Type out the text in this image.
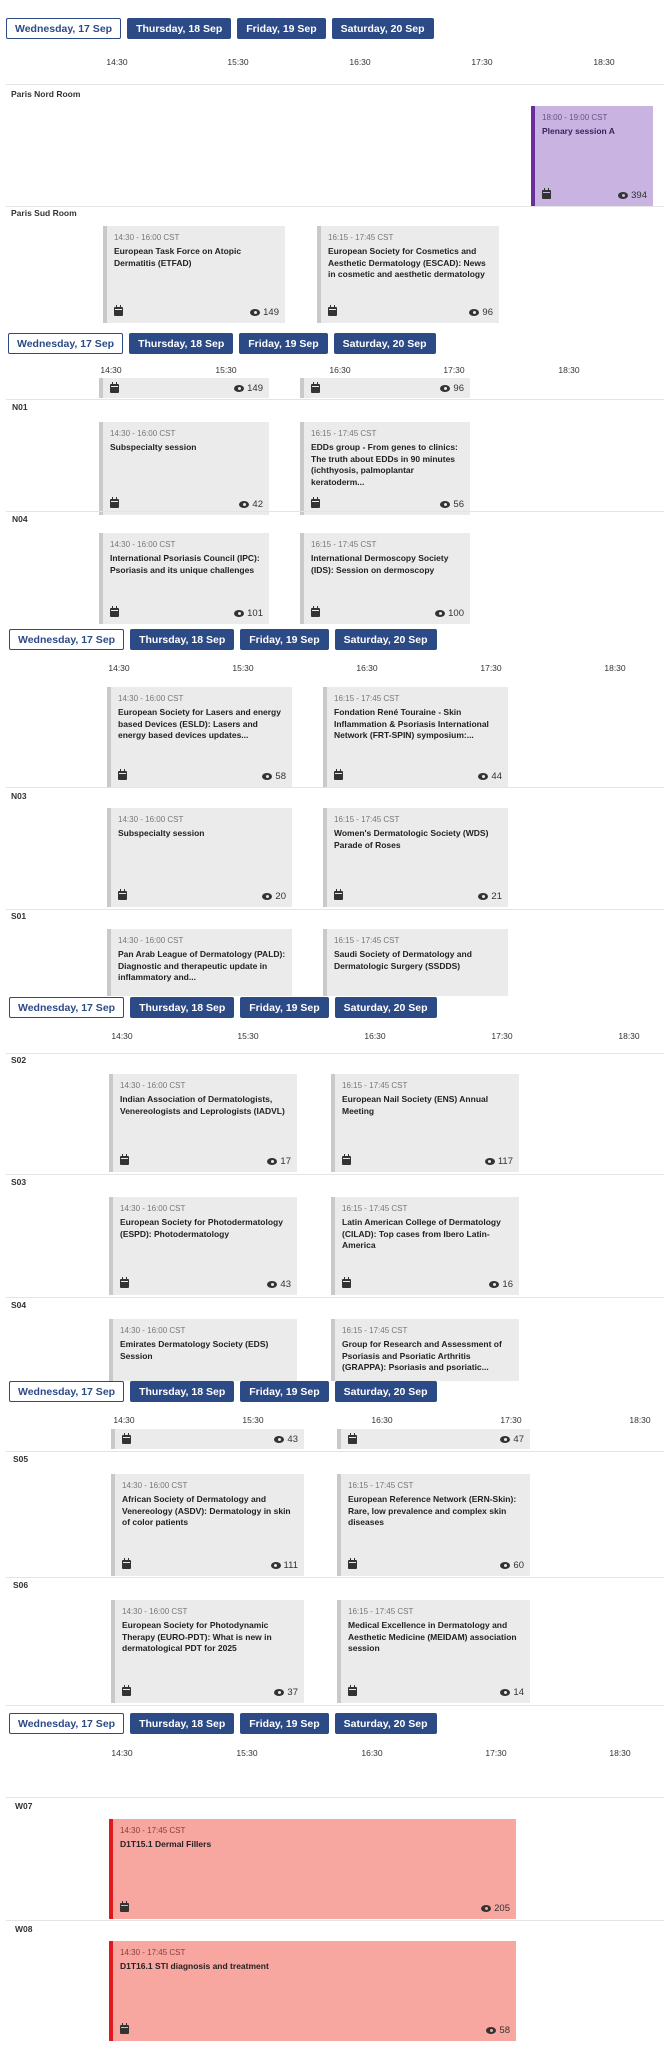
Wednesday, 17 Sep	Thursday, 18 Sep	Friday, 19 Sep	Saturday, 20 Sep
14:30	15:30	16:30	17:30	18:30
Paris Nord Room
18:00 - 19:00 CST
Plenary session A
394
Paris Sud Room
14:30 - 16:00 CST
European Task Force on Atopic Dermatitis (ETFAD)
149
16:15 - 17:45 CST
European Society for Cosmetics and Aesthetic Dermatology (ESCAD): News in cosmetic and aesthetic dermatology
96
Wednesday, 17 Sep	Thursday, 18 Sep	Friday, 19 Sep	Saturday, 20 Sep
14:30	15:30	16:30	17:30	18:30
149	96
N01
14:30 - 16:00 CST
Subspecialty session
42
16:15 - 17:45 CST
EDDs group - From genes to clinics: The truth about EDDs in 90 minutes (ichthyosis, palmoplantar keratoderm...
56
N04
14:30 - 16:00 CST
International Psoriasis Council (IPC): Psoriasis and its unique challenges
101
16:15 - 17:45 CST
International Dermoscopy Society (IDS): Session on dermoscopy
100
Wednesday, 17 Sep	Thursday, 18 Sep	Friday, 19 Sep	Saturday, 20 Sep
14:30	15:30	16:30	17:30	18:30
14:30 - 16:00 CST
European Society for Lasers and energy based Devices (ESLD): Lasers and energy based devices updates...
58
16:15 - 17:45 CST
Fondation René Touraine - Skin Inflammation & Psoriasis International Network (FRT-SPIN) symposium:...
44
N03
14:30 - 16:00 CST
Subspecialty session
20
16:15 - 17:45 CST
Women's Dermatologic Society (WDS) Parade of Roses
21
S01
14:30 - 16:00 CST
Pan Arab League of Dermatology (PALD): Diagnostic and therapeutic update in inflammatory and...
16:15 - 17:45 CST
Saudi Society of Dermatology and Dermatologic Surgery (SSDDS)
Wednesday, 17 Sep	Thursday, 18 Sep	Friday, 19 Sep	Saturday, 20 Sep
14:30	15:30	16:30	17:30	18:30
S02
14:30 - 16:00 CST
Indian Association of Dermatologists, Venereologists and Leprologists (IADVL)
17
16:15 - 17:45 CST
European Nail Society (ENS) Annual Meeting
117
S03
14:30 - 16:00 CST
European Society for Photodermatology (ESPD): Photodermatology
43
16:15 - 17:45 CST
Latin American College of Dermatology (CILAD): Top cases from Ibero Latin-America
16
S04
14:30 - 16:00 CST
Emirates Dermatology Society (EDS) Session
16:15 - 17:45 CST
Group for Research and Assessment of Psoriasis and Psoriatic Arthritis (GRAPPA): Psoriasis and psoriatic...
Wednesday, 17 Sep	Thursday, 18 Sep	Friday, 19 Sep	Saturday, 20 Sep
14:30	15:30	16:30	17:30	18:30
43	47
S05
14:30 - 16:00 CST
African Society of Dermatology and Venereology (ASDV): Dermatology in skin of color patients
111
16:15 - 17:45 CST
European Reference Network (ERN-Skin): Rare, low prevalence and complex skin diseases
60
S06
14:30 - 16:00 CST
European Society for Photodynamic Therapy (EURO-PDT): What is new in dermatological PDT for 2025
37
16:15 - 17:45 CST
Medical Excellence in Dermatology and Aesthetic Medicine (MEIDAM) association session
14
Wednesday, 17 Sep	Thursday, 18 Sep	Friday, 19 Sep	Saturday, 20 Sep
14:30	15:30	16:30	17:30	18:30
W07
14:30 - 17:45 CST
D1T15.1 Dermal Fillers
205
W08
14:30 - 17:45 CST
D1T16.1 STI diagnosis and treatment
58
